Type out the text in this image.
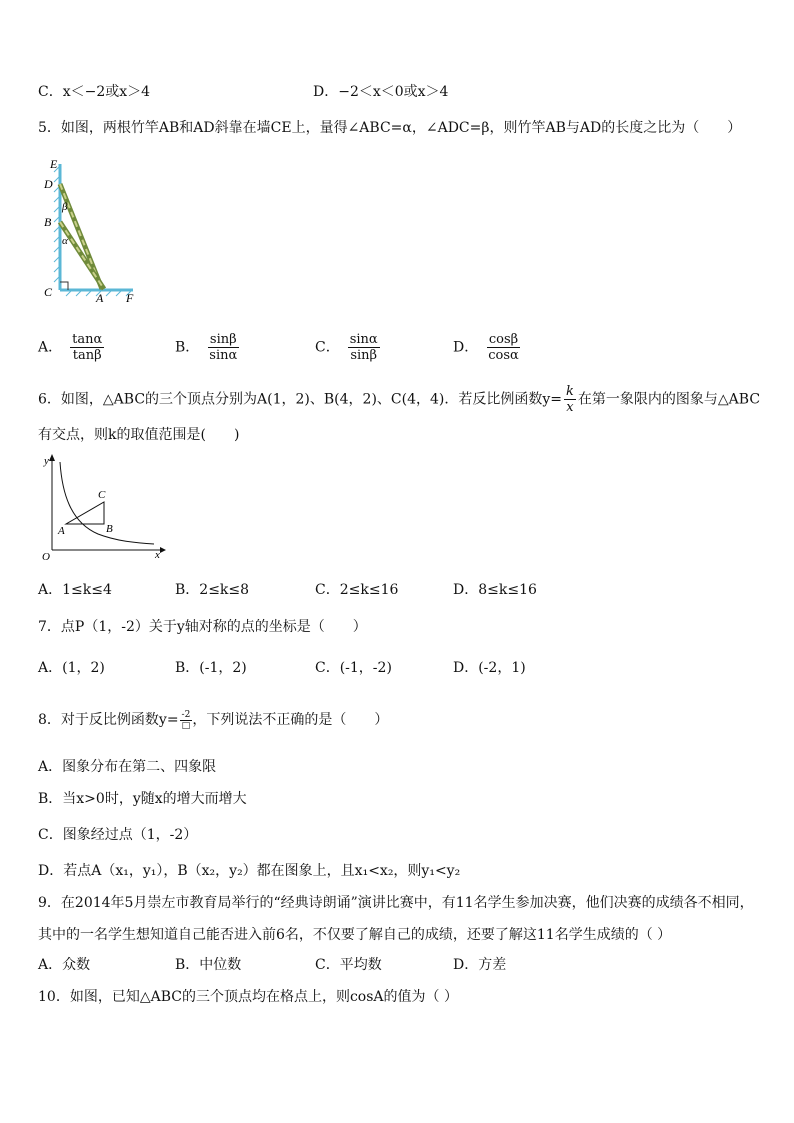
C．x＜−2或x＞4	D．−2＜x＜0或x＞4
5．如图，两根竹竿AB和AD斜靠在墙CE上，量得∠ABC=α，∠ADC=β，则竹竿AB与AD的长度之比为（　　）
E
D
B
C	A F
β
α
A． $\frac{\tan\alpha}{\tan\beta}$	B． $\frac{\sin\beta}{\sin\alpha}$	C． $\frac{\sin\alpha}{\sin\beta}$	D． $\frac{\cos\beta}{\cos\alpha}$
6．如图，△ABC的三个顶点分别为A(1，2)、B(4，2)、C(4，4)．若反比例函数$y= \frac{k}{x}$ 在第一象限内的图象与△ABC
有交点，则k的取值范围是(　　)
y
x
O
A	B
C
A．1≤k≤4	B．2≤k≤8	C．2≤k≤16	D．8≤k≤16
7．点P（1，-2）关于y轴对称的点的坐标是（　　）
A．(1，2)	B．(-1，2)	C．(-1，-2)	D．(-2，1)
8．对于反比例函数$y= \frac{-2}{□}$ ，下列说法不正确的是（　　）
A．图象分布在第二、四象限
B．当x>0时，y随x的增大而增大
C．图象经过点（1，-2）
D．若点A（x₁，y₁），B（x₂，y₂）都在图象上，且x₁<x₂，则y₁<y₂
9．在2014年5月崇左市教育局举行的“经典诗朗诵”演讲比赛中，有11名学生参加决赛，他们决赛的成绩各不相同，
其中的一名学生想知道自己能否进入前6名，不仅要了解自己的成绩，还要了解这11名学生成绩的（ ）
A．众数	B．中位数	C．平均数	D．方差
10．如图，已知△ABC的三个顶点均在格点上，则cosA的值为（ ）
